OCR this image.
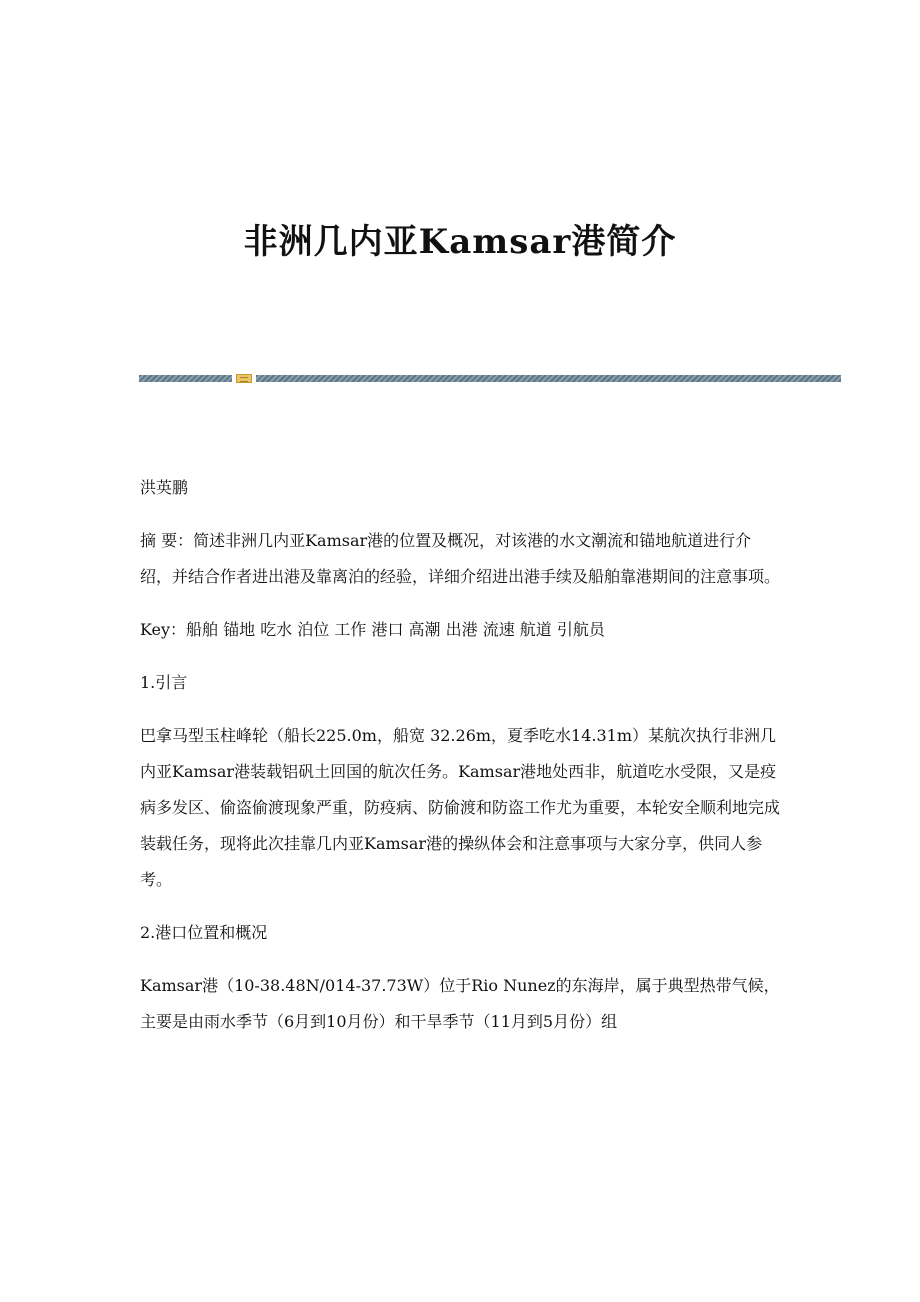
非洲几内亚Kamsar港简介

洪英鹏

摘 要：简述非洲几内亚Kamsar港的位置及概况，对该港的水文潮流和锚地航道进行介绍，并结合作者进出港及靠离泊的经验，详细介绍进出港手续及船舶靠港期间的注意事项。

Key：船舶 锚地 吃水 泊位 工作 港口 高潮 出港 流速 航道 引航员

1.引言

巴拿马型玉柱峰轮（船长225.0m，船宽 32.26m，夏季吃水14.31m）某航次执行非洲几内亚Kamsar港装载铝矾土回国的航次任务。Kamsar港地处西非，航道吃水受限，又是疫病多发区、偷盗偷渡现象严重，防疫病、防偷渡和防盗工作尤为重要，本轮安全顺利地完成装载任务，现将此次挂靠几内亚Kamsar港的操纵体会和注意事项与大家分享，供同人参考。

2.港口位置和概况

Kamsar港（10-38.48N/014-37.73W）位于Rio Nunez的东海岸，属于典型热带气候，主要是由雨水季节（6月到10月份）和干旱季节（11月到5月份）组
